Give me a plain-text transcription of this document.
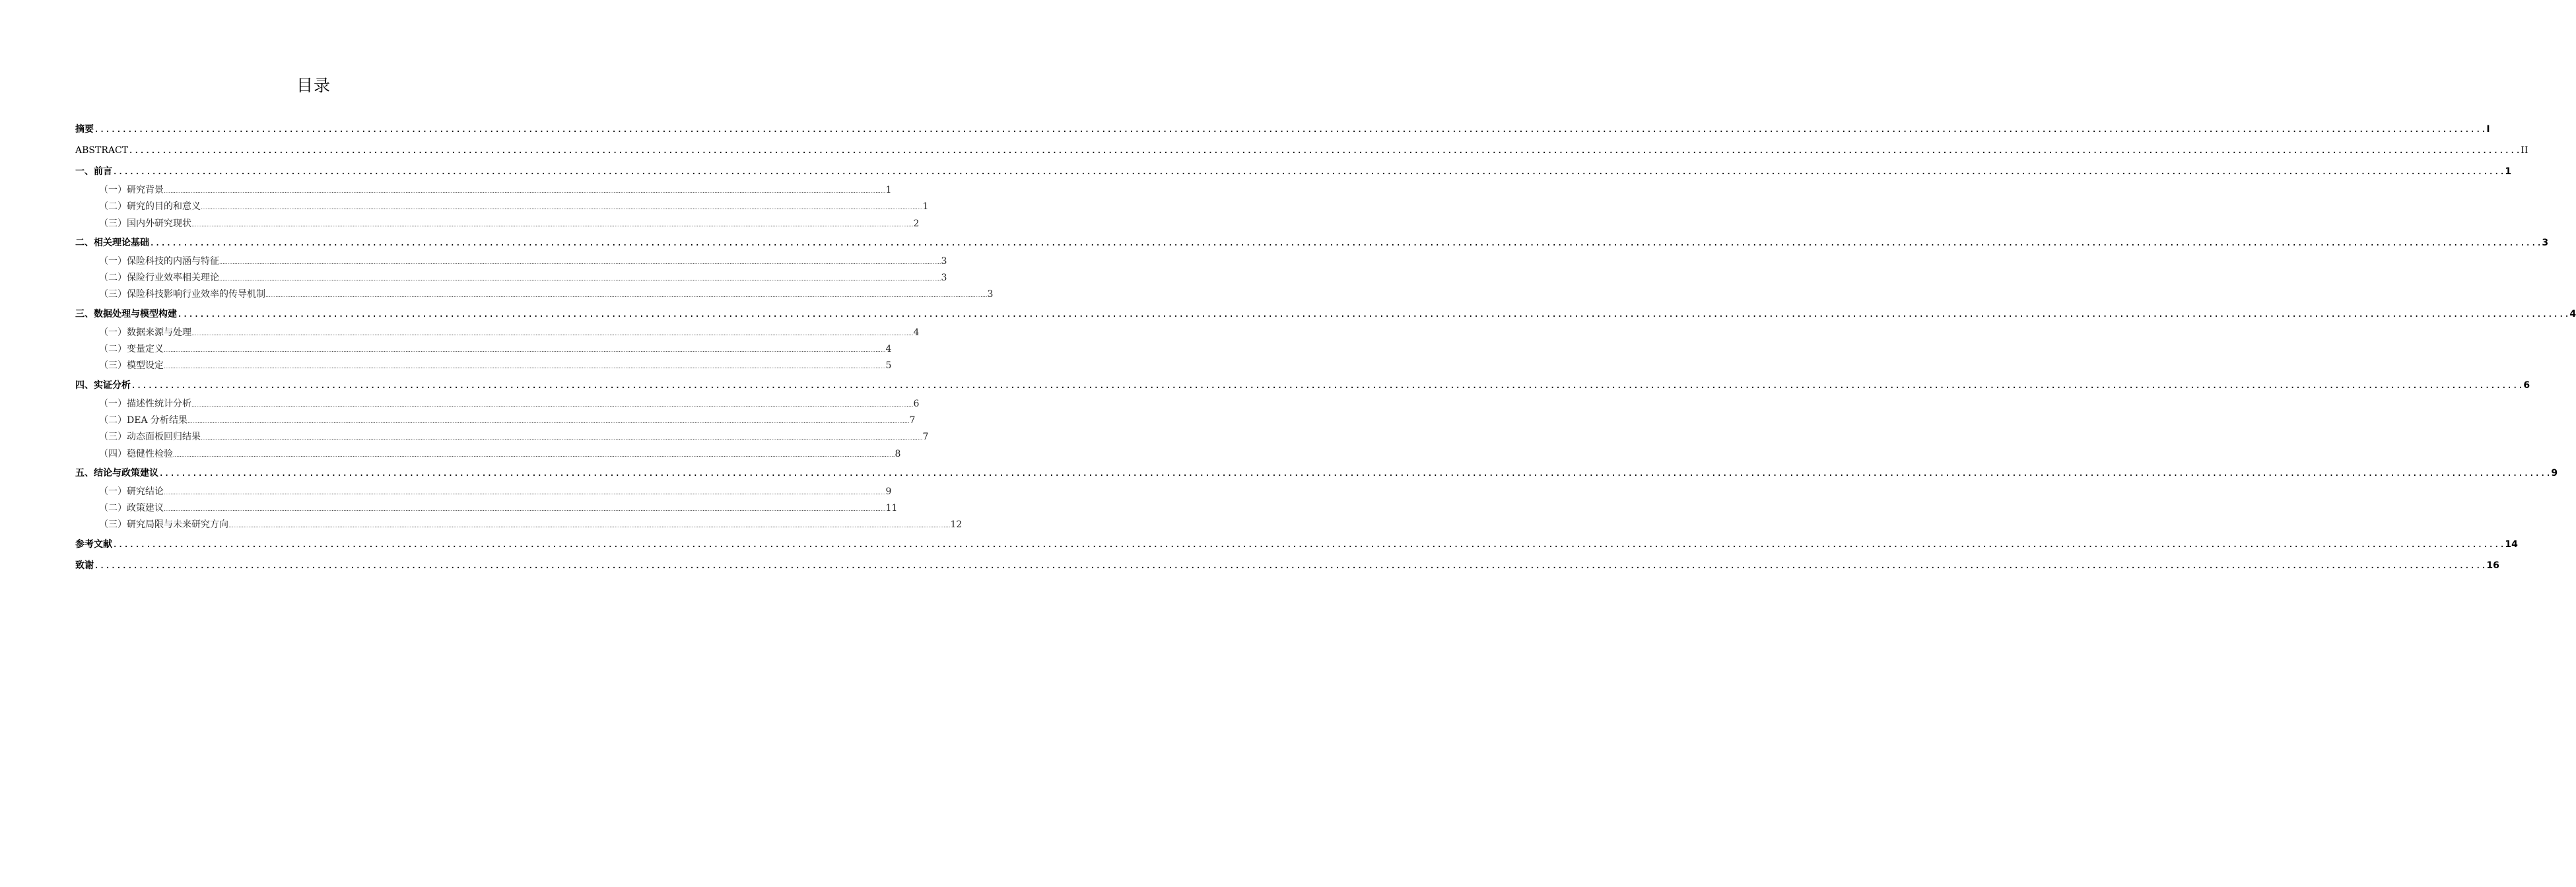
目录
摘要 .............................................................................................................................................................................................................................................................................................................................................................................................................................................. I
ABSTRACT .............................................................................................................................................................................................................................................................................................................................................................................................................................................. II
一、前言 .............................................................................................................................................................................................................................................................................................................................................................................................................................................. 1
（一）研究背景 .............................................................................................................................................................................................................................................................................................................................................................................................................................................. 1
（二）研究的目的和意义 .............................................................................................................................................................................................................................................................................................................................................................................................................................................. 1
（三）国内外研究现状 .............................................................................................................................................................................................................................................................................................................................................................................................................................................. 2
二、相关理论基础 .............................................................................................................................................................................................................................................................................................................................................................................................................................................. 3
（一）保险科技的内涵与特征 .............................................................................................................................................................................................................................................................................................................................................................................................................................................. 3
（二）保险行业效率相关理论 .............................................................................................................................................................................................................................................................................................................................................................................................................................................. 3
（三）保险科技影响行业效率的传导机制 .............................................................................................................................................................................................................................................................................................................................................................................................................................................. 3
三、数据处理与模型构建 .............................................................................................................................................................................................................................................................................................................................................................................................................................................. 4
（一）数据来源与处理 .............................................................................................................................................................................................................................................................................................................................................................................................................................................. 4
（二）变量定义 .............................................................................................................................................................................................................................................................................................................................................................................................................................................. 4
（三）模型设定 .............................................................................................................................................................................................................................................................................................................................................................................................................................................. 5
四、实证分析 .............................................................................................................................................................................................................................................................................................................................................................................................................................................. 6
（一）描述性统计分析 .............................................................................................................................................................................................................................................................................................................................................................................................................................................. 6
（二）DEA 分析结果 .............................................................................................................................................................................................................................................................................................................................................................................................................................................. 7
（三）动态面板回归结果 .............................................................................................................................................................................................................................................................................................................................................................................................................................................. 7
（四）稳健性检验 .............................................................................................................................................................................................................................................................................................................................................................................................................................................. 8
五、结论与政策建议 .............................................................................................................................................................................................................................................................................................................................................................................................................................................. 9
（一）研究结论 .............................................................................................................................................................................................................................................................................................................................................................................................................................................. 9
（二）政策建议 .............................................................................................................................................................................................................................................................................................................................................................................................................................................. 11
（三）研究局限与未来研究方向 .............................................................................................................................................................................................................................................................................................................................................................................................................................................. 12
参考文献 .............................................................................................................................................................................................................................................................................................................................................................................................................................................. 14
致谢 .............................................................................................................................................................................................................................................................................................................................................................................................................................................. 16
